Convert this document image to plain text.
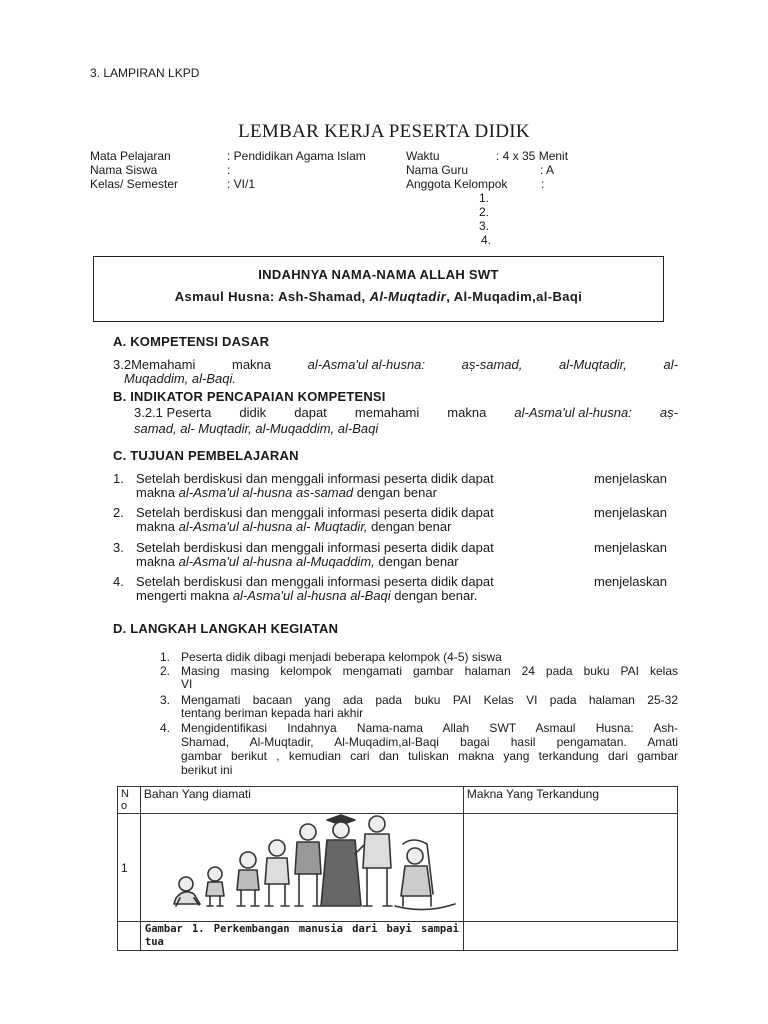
3. LAMPIRAN LKPD
LEMBAR KERJA PESERTA DIDIK
Mata Pelajaran	: Pendidikan Agama Islam
Nama Siswa	:
Kelas/ Semester	: VI/1
Waktu	: 4 x 35 Menit
Nama Guru	: A
Anggota Kelompok	:
1.
2.
3.
4.
INDAHNYA NAMA-NAMA ALLAH SWT
Asmaul Husna: Ash-Shamad, Al-Muqtadir, Al-Muqadim,al-Baqi
A. KOMPETENSI DASAR
3.2Memahami	makna	al-Asma'ul al-husna:	aṣ-samad,	al-Muqtadir,	al-
Muqaddim, al-Baqi.
B. INDIKATOR PENCAPAIAN KOMPETENSI
3.2.1 Peserta didik dapat memahami makna al-Asma'ul al-husna: aṣ-
samad, al- Muqtadir, al-Muqaddim, al-Baqi
C. TUJUAN PEMBELAJARAN
1. Setelah berdiskusi dan menggali informasi peserta didik dapat	menjelaskan
makna al-Asma'ul al-husna as-samad dengan benar
2. Setelah berdiskusi dan menggali informasi peserta didik dapat	menjelaskan
makna al-Asma'ul al-husna al- Muqtadir, dengan benar
3. Setelah berdiskusi dan menggali informasi peserta didik dapat	menjelaskan
makna al-Asma'ul al-husna al-Muqaddim, dengan benar
4. Setelah berdiskusi dan menggali informasi peserta didik dapat	menjelaskan
mengerti makna al-Asma'ul al-husna al-Baqi dengan benar.
D. LANGKAH LANGKAH KEGIATAN
1. Peserta didik dibagi menjadi beberapa kelompok (4-5) siswa
2. Masing masing kelompok mengamati gambar halaman 24 pada buku PAI kelas
VI
3. Mengamati bacaan yang ada pada buku PAI Kelas VI pada halaman 25-32
tentang beriman kepada hari akhir
4. Mengidentifikasi Indahnya Nama-nama Allah SWT Asmaul Husna: Ash-
Shamad, Al-Muqtadir, Al-Muqadim,al-Baqi bagai hasil pengamatan. Amati
gambar berikut , kemudian cari dan tuliskan makna yang terkandung dari gambar
berikut ini
No	Bahan Yang diamati	Makna Yang Terkandung
1		
	Gambar 1. Perkembangan manusia dari bayi sampai tua	
